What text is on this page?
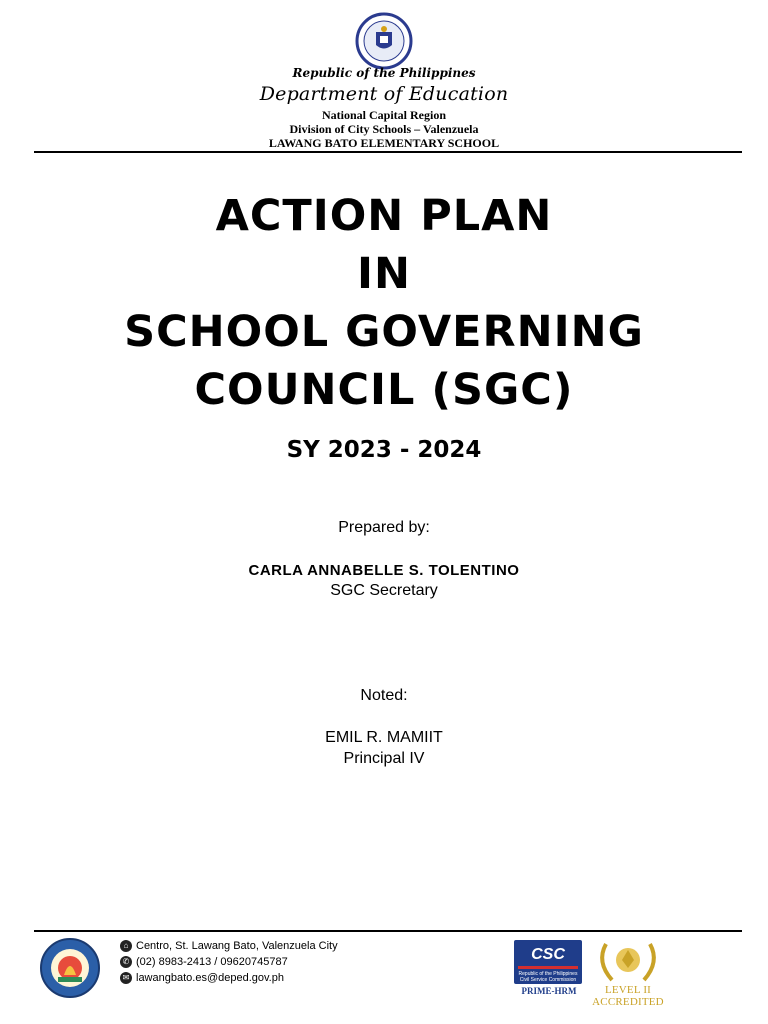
Republic of the Philippines
Department of Education
National Capital Region
Division of City Schools – Valenzuela
LAWANG BATO ELEMENTARY SCHOOL
ACTION PLAN
IN
SCHOOL GOVERNING
COUNCIL (SGC)
SY 2023 - 2024
Prepared by:
CARLA ANNABELLE S. TOLENTINO
SGC Secretary
Noted:
EMIL R. MAMIIT
Principal IV
⌂ Centro, St. Lawang Bato, Valenzuela City
✆ (02) 8983-2413 / 09620745787
✉ lawangbato.es@deped.gov.ph
CSC
Republic of the Philippines Civil Service Commission
PRIME-HRM	LEVEL II ACCREDITED
